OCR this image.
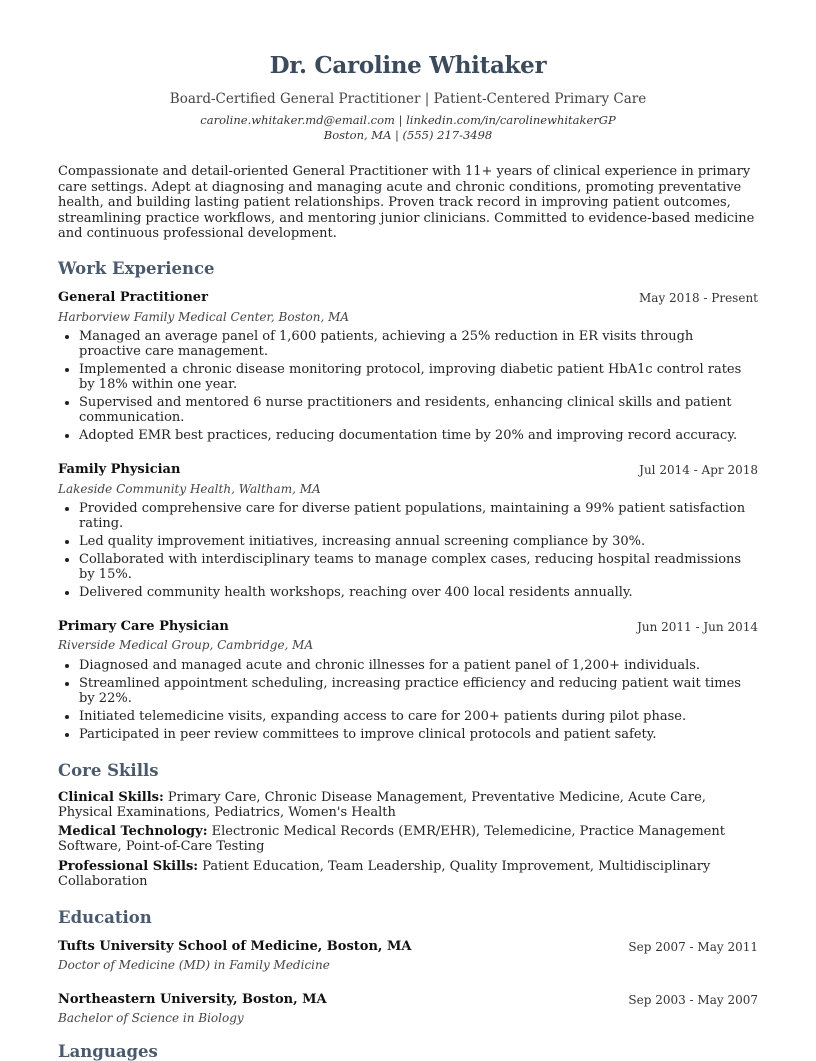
Dr. Caroline Whitaker
Board-Certified General Practitioner | Patient-Centered Primary Care
caroline.whitaker.md@email.com | linkedin.com/in/carolinewhitakerGP
Boston, MA | (555) 217-3498
Compassionate and detail-oriented General Practitioner with 11+ years of clinical experience in primary care settings. Adept at diagnosing and managing acute and chronic conditions, promoting preventative health, and building lasting patient relationships. Proven track record in improving patient outcomes, streamlining practice workflows, and mentoring junior clinicians. Committed to evidence-based medicine and continuous professional development.
Work Experience
General Practitioner	May 2018 - Present
Harborview Family Medical Center, Boston, MA
• Managed an average panel of 1,600 patients, achieving a 25% reduction in ER visits through proactive care management.
• Implemented a chronic disease monitoring protocol, improving diabetic patient HbA1c control rates by 18% within one year.
• Supervised and mentored 6 nurse practitioners and residents, enhancing clinical skills and patient communication.
• Adopted EMR best practices, reducing documentation time by 20% and improving record accuracy.
Family Physician	Jul 2014 - Apr 2018
Lakeside Community Health, Waltham, MA
• Provided comprehensive care for diverse patient populations, maintaining a 99% patient satisfaction rating.
• Led quality improvement initiatives, increasing annual screening compliance by 30%.
• Collaborated with interdisciplinary teams to manage complex cases, reducing hospital readmissions by 15%.
• Delivered community health workshops, reaching over 400 local residents annually.
Primary Care Physician	Jun 2011 - Jun 2014
Riverside Medical Group, Cambridge, MA
• Diagnosed and managed acute and chronic illnesses for a patient panel of 1,200+ individuals.
• Streamlined appointment scheduling, increasing practice efficiency and reducing patient wait times by 22%.
• Initiated telemedicine visits, expanding access to care for 200+ patients during pilot phase.
• Participated in peer review committees to improve clinical protocols and patient safety.
Core Skills
Clinical Skills: Primary Care, Chronic Disease Management, Preventative Medicine, Acute Care, Physical Examinations, Pediatrics, Women's Health
Medical Technology: Electronic Medical Records (EMR/EHR), Telemedicine, Practice Management Software, Point-of-Care Testing
Professional Skills: Patient Education, Team Leadership, Quality Improvement, Multidisciplinary Collaboration
Education
Tufts University School of Medicine, Boston, MA	Sep 2007 - May 2011
Doctor of Medicine (MD) in Family Medicine
Northeastern University, Boston, MA	Sep 2003 - May 2007
Bachelor of Science in Biology
Languages
